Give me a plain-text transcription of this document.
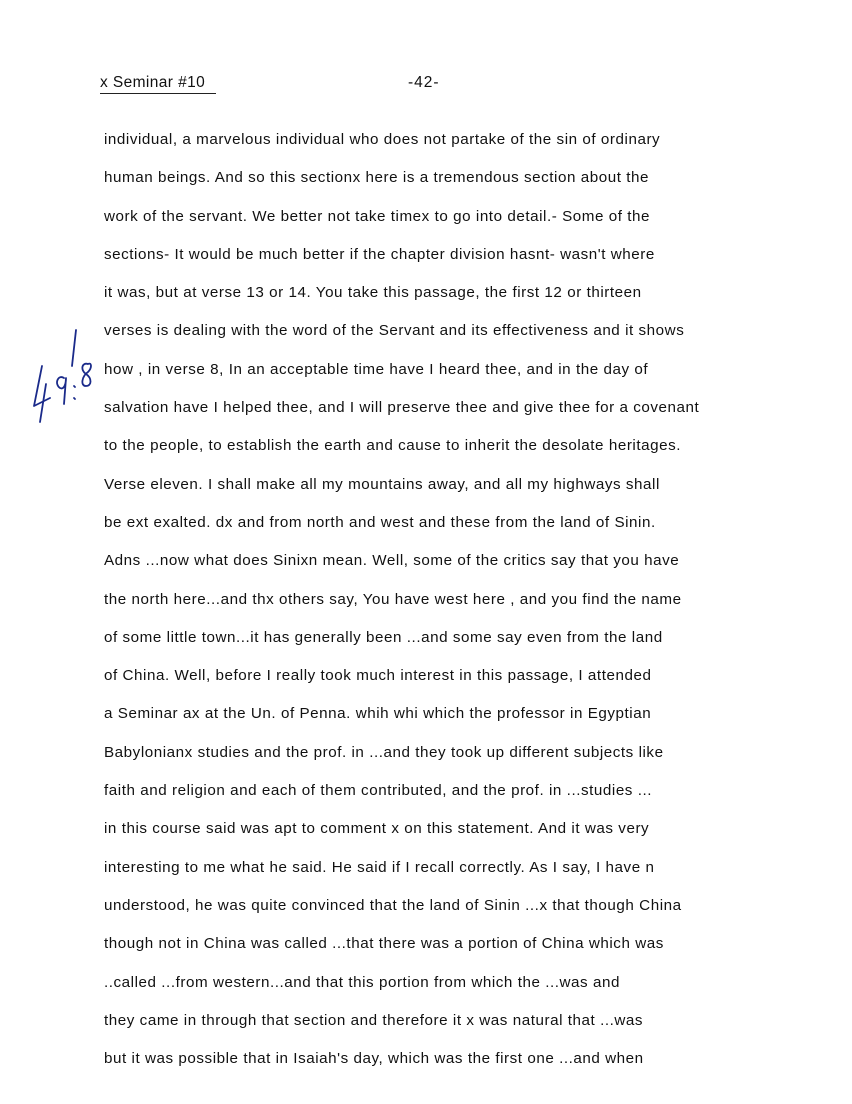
x Seminar #10	-42-
individual, a marvelous individual who does not partake of the sin of ordinary
human beings. And so this sectionx here is a tremendous section about the
work of the servant. We better not take timex to go into detail.- Some of the
sections- It would be much better if the chapter division hasnt- wasn't where
it was, but at verse 13 or 14. You take this passage, the first 12 or thirteen
verses is dealing with the word of the Servant and its effectiveness and it shows
how , in verse 8, In an acceptable time have I heard thee, and in the day of
salvation have I helped thee, and I will preserve thee and give thee for a covenant
to the people, to establish the earth and cause to inherit the desolate heritages.
Verse eleven. I shall make all my mountains away, and all my highways shall
be ext exalted. dx and from north and west and these from the land of Sinin.
Adns ...now what does Sinixn mean. Well, some of the critics say that you have
the north here...and thx others say, You have west here , and you find the name
of some little town...it has generally been ...and some say even from the land
of China. Well, before I really took much interest in this passage, I attended
a Seminar ax at the Un. of Penna. whih whi which the professor in Egyptian
Babylonianx studies and the prof. in ...and they took up different subjects like
faith and religion and each of them contributed, and the prof. in ...studies ...
in this course said was apt to comment x on this statement. And it was very
interesting to me what he said. He said if I recall correctly. As I say, I have n
understood, he was quite convinced that the land of Sinin ...x that though China
though not in China was called ...that there was a portion of China which was
..called ...from western...and that this portion from which the ...was and
they came in through that section and therefore it x was natural that ...was
but it was possible that in Isaiah's day, which was the first one ...and when
